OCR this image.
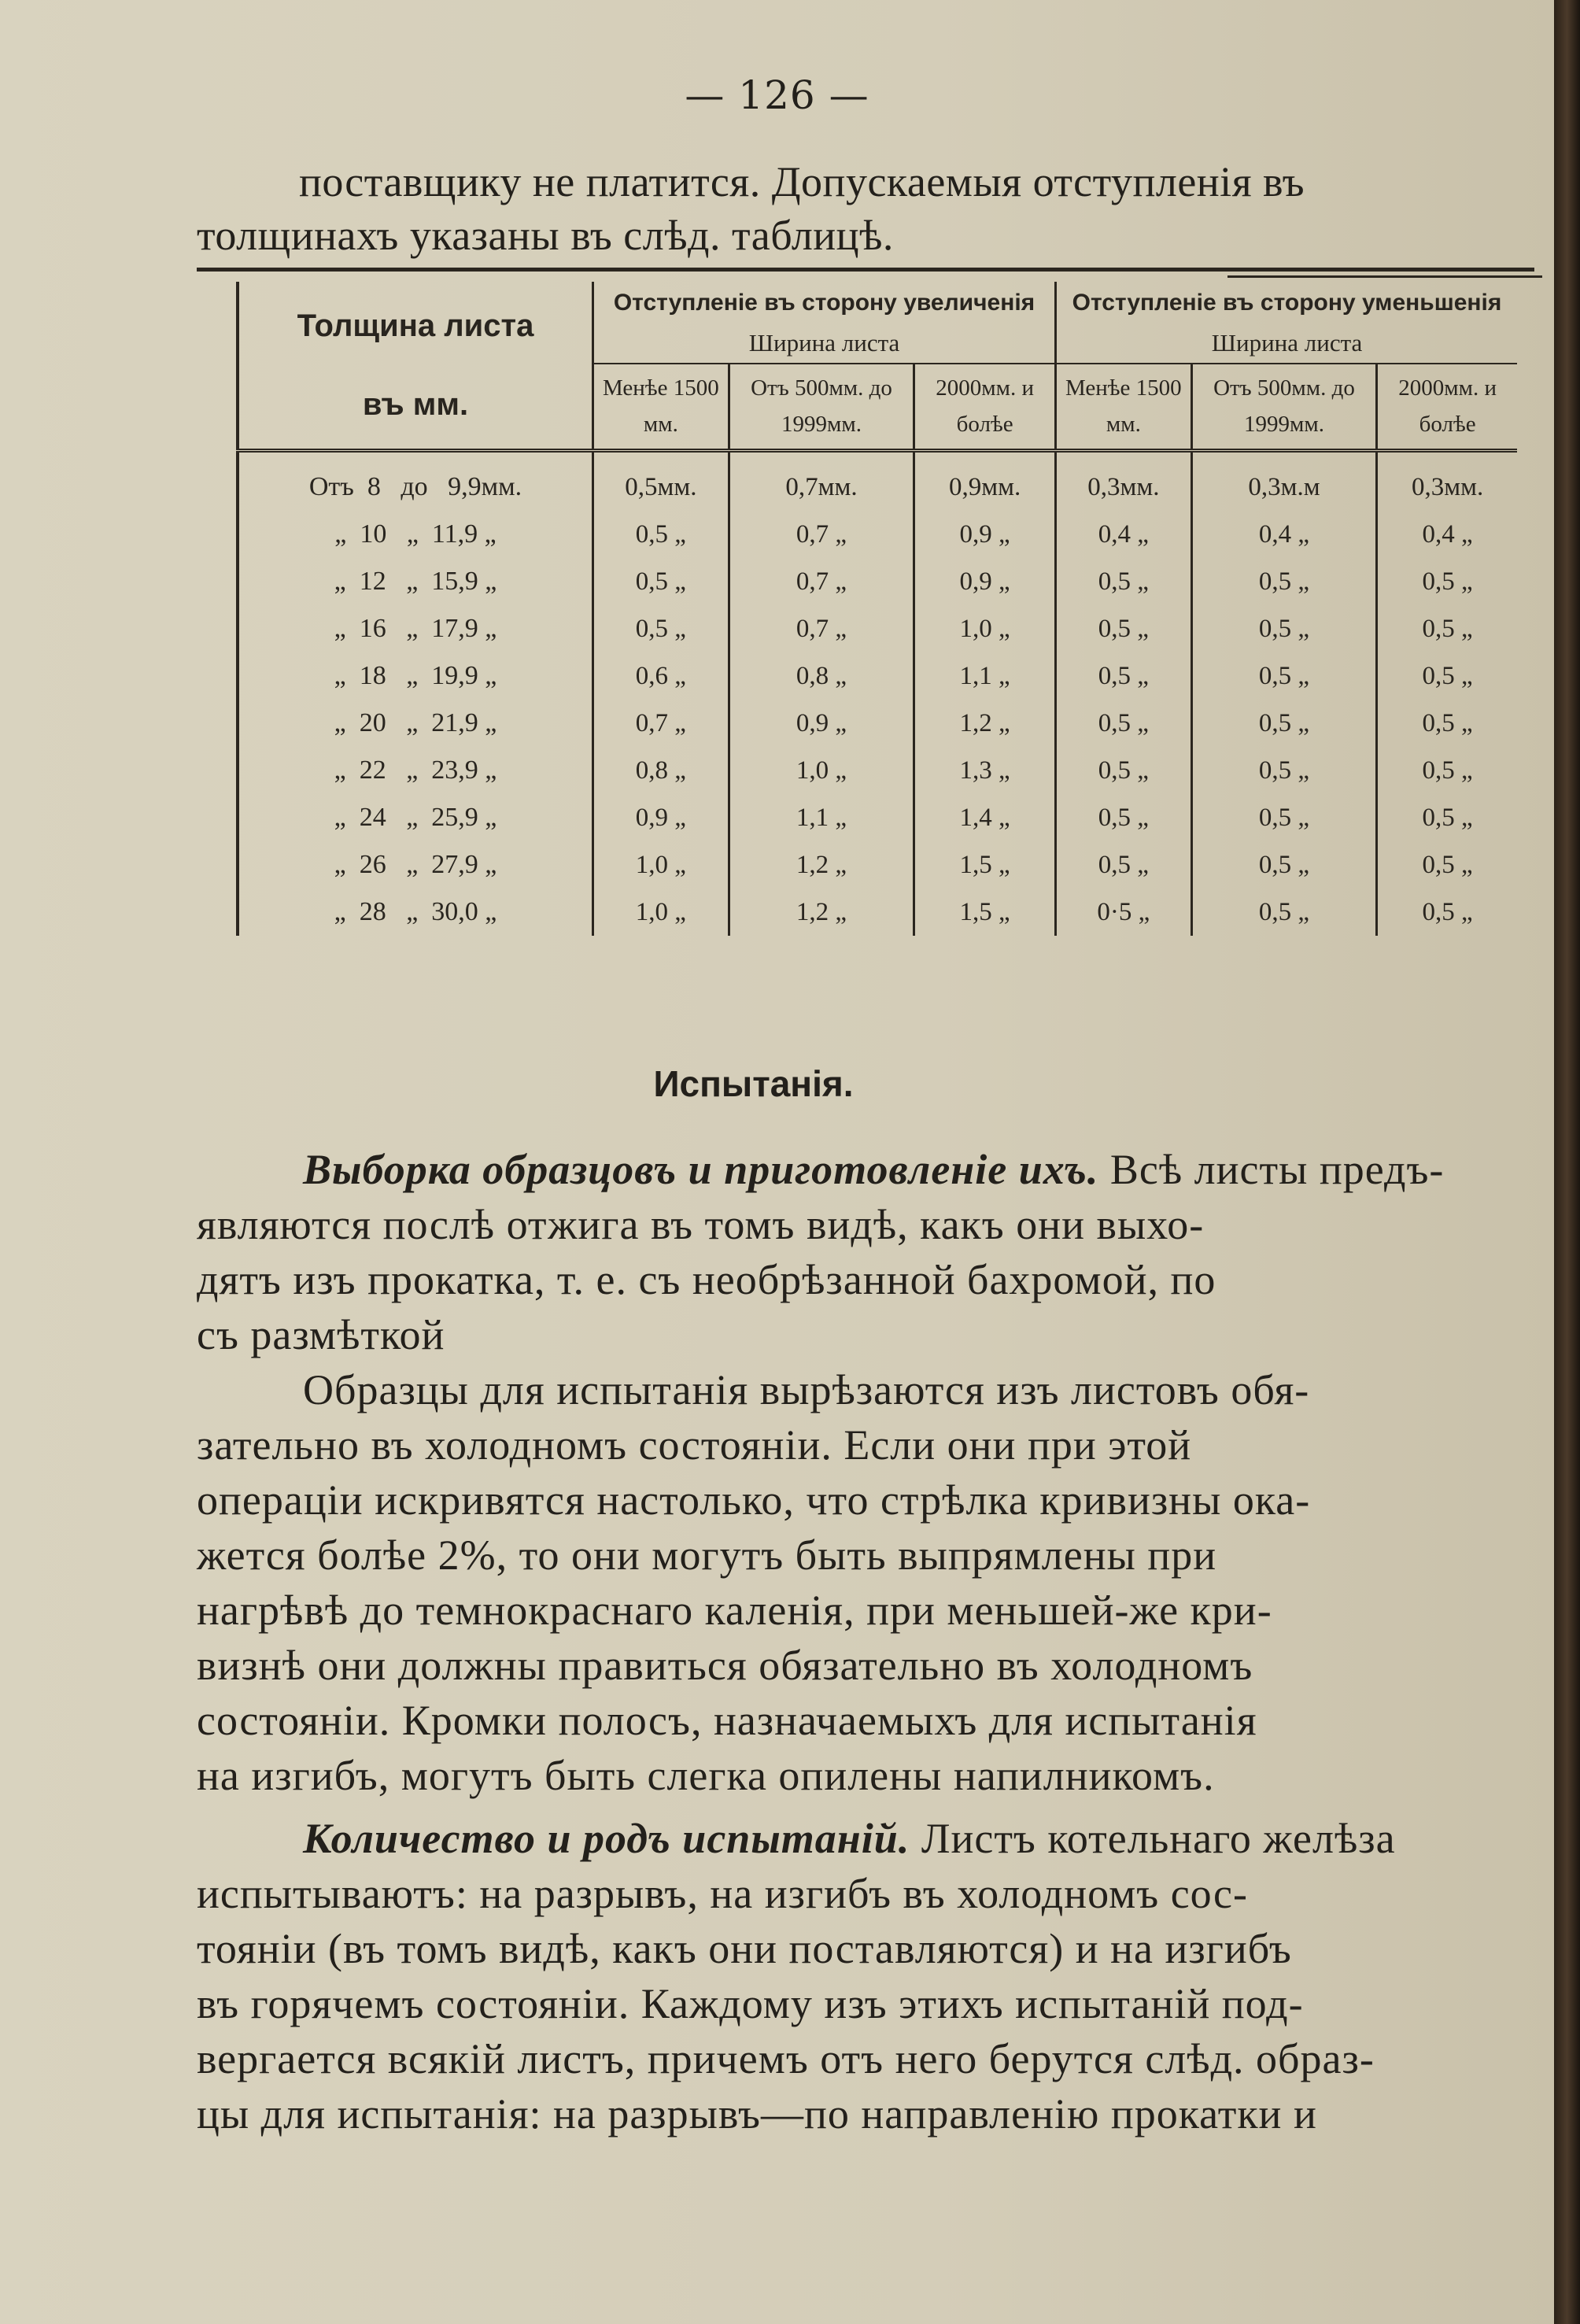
— 126 —
поставщику не платится. Допускаемыя отступленія въ
толщинахъ указаны въ слѣд. таблицѣ.
Толщина листа
въ мм.	Отступленіе въ сторону увеличенія			Отступленіе въ сторону уменьшенія		
	Ширина листа			Ширина листа		
	Менѣе 1500 мм.	Отъ 500мм. до 1999мм.	2000мм. и болѣе	Менѣе 1500 мм.	Отъ 500мм. до 1999мм.	2000мм. и болѣе
Отъ  8   до   9,9мм.	0,5мм.	0,7мм.	0,9мм.	0,3мм.	0,3м.м	0,3мм.
„  10   „  11,9 „	0,5 „	0,7 „	0,9 „	0,4 „	0,4 „	0,4 „
„  12   „  15,9 „	0,5 „	0,7 „	0,9 „	0,5 „	0,5 „	0,5 „
„  16   „  17,9 „	0,5 „	0,7 „	1,0 „	0,5 „	0,5 „	0,5 „
„  18   „  19,9 „	0,6 „	0,8 „	1,1 „	0,5 „	0,5 „	0,5 „
„  20   „  21,9 „	0,7 „	0,9 „	1,2 „	0,5 „	0,5 „	0,5 „
„  22   „  23,9 „	0,8 „	1,0 „	1,3 „	0,5 „	0,5 „	0,5 „
„  24   „  25,9 „	0,9 „	1,1 „	1,4 „	0,5 „	0,5 „	0,5 „
„  26   „  27,9 „	1,0 „	1,2 „	1,5 „	0,5 „	0,5 „	0,5 „
„  28   „  30,0 „	1,0 „	1,2 „	1,5 „	0·5 „	0,5 „	0,5 „
Испытанія.
Выборка образцовъ и приготовленіе ихъ. Всѣ листы предъ-
являются послѣ отжига въ томъ видѣ, какъ они выхо-
дятъ изъ прокатка, т. е. съ необрѣзанной бахромой, по
съ размѣткой
Образцы для испытанія вырѣзаются изъ листовъ обя-
зательно въ холодномъ состояніи. Если они при этой
операціи искривятся настолько, что стрѣлка кривизны ока-
жется болѣе 2%, то они могутъ быть выпрямлены при
нагрѣвѣ до темнокраснаго каленія, при меньшей-же кри-
визнѣ они должны правиться обязательно въ холодномъ
состояніи. Кромки полосъ, назначаемыхъ для испытанія
на изгибъ, могутъ быть слегка опилены напилникомъ.
Количество и родъ испытаній. Листъ котельнаго желѣза
испытываютъ: на разрывъ, на изгибъ въ холодномъ сос-
тояніи (въ томъ видѣ, какъ они поставляются) и на изгибъ
въ горячемъ состояніи. Каждому изъ этихъ испытаній под-
вергается всякій листъ, причемъ отъ него берутся слѣд. образ-
цы для испытанія: на разрывъ—по направленію прокатки и
